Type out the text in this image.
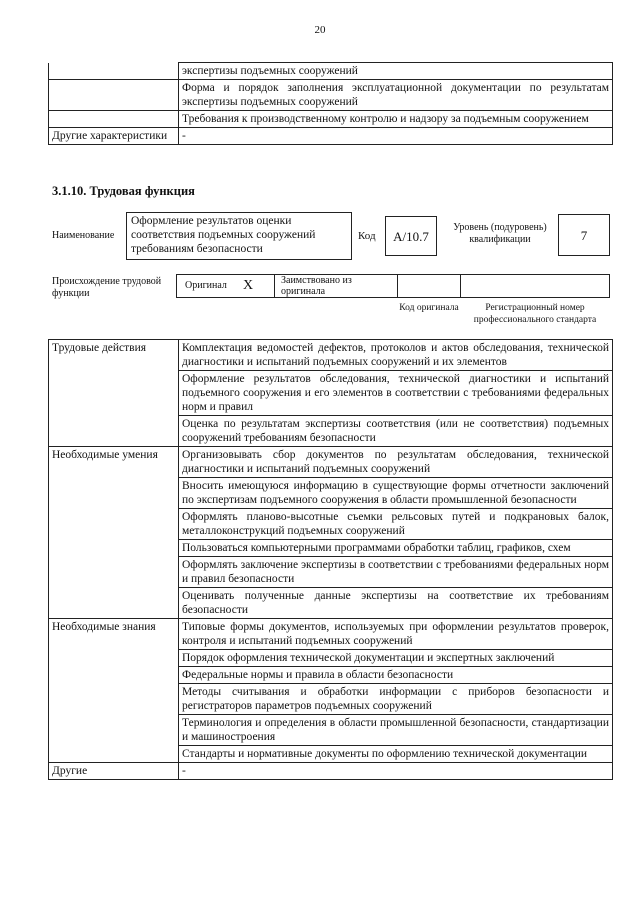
20
	экспертизы подъемных сооружений
	Форма и порядок заполнения эксплуатационной документации по результатам экспертизы подъемных сооружений
	Требования к производственному контролю и надзору за подъемным сооружением
Другие характеристики	-
3.1.10. Трудовая функция
Наименование
Оформление результатов оценки соответствия подъемных сооружений требованиям безопасности
Код	A/10.7
Уровень (подуровень) квалификации	7
Происхождение трудовой функции
Оригинал X	Заимствовано из оригинала
Код оригинала	Регистрационный номер профессионального стандарта
Трудовые действия	Комплектация ведомостей дефектов, протоколов и актов обследования, технической диагностики и испытаний подъемных сооружений и их элементов
	Оформление результатов обследования, технической диагностики и испытаний подъемного сооружения и его элементов в соответствии с требованиями федеральных норм и правил
	Оценка по результатам экспертизы соответствия (или не соответствия) подъемных сооружений требованиям безопасности
Необходимые умения	Организовывать сбор документов по результатам обследования, технической диагностики и испытаний подъемных сооружений
	Вносить имеющуюся информацию в существующие формы отчетности заключений по экспертизам подъемного сооружения в области промышленной безопасности
	Оформлять планово-высотные съемки рельсовых путей и подкрановых балок, металлоконструкций подъемных сооружений
	Пользоваться компьютерными программами обработки таблиц, графиков, схем
	Оформлять заключение экспертизы в соответствии с требованиями федеральных норм и правил безопасности
	Оценивать полученные данные экспертизы на соответствие их требованиям безопасности
Необходимые знания	Типовые формы документов, используемых при оформлении результатов проверок, контроля и испытаний подъемных сооружений
	Порядок оформления технической документации и экспертных заключений
	Федеральные нормы и правила в области безопасности
	Методы считывания и обработки информации с приборов безопасности и регистраторов параметров подъемных сооружений
	Терминология и определения в области промышленной безопасности, стандартизации и машиностроения
	Стандарты и нормативные документы по оформлению технической документации
Другие	-
